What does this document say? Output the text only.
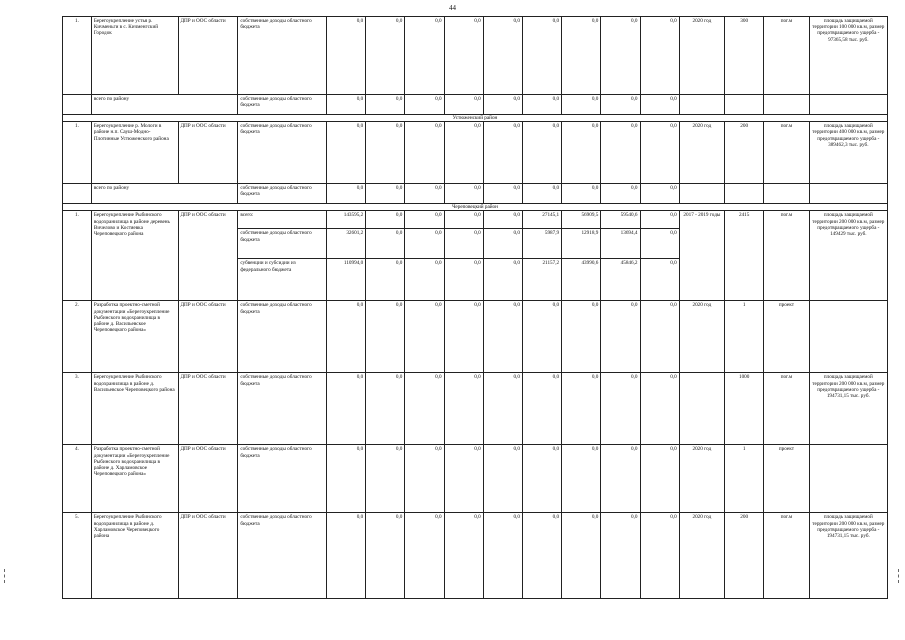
44
1.	Берегоукрепление устья р. Кичменьги в с. Кичменгский Городок	ДПР и ООС области	собственные доходы областного бюджета	0,0	0,0	0,0	0,0	0,0	0,0	0,0	0,0	0,0	2020 год	300	пог.м	площадь защищаемой территории 100 000 кв.м, размер предотвращаемого ущерба - 97365,58 тыс. руб.
	всего по району		собственные доходы областного бюджета	0,0	0,0	0,0	0,0	0,0	0,0	0,0	0,0	0,0				
Устюженский район																
1.	Берегоукрепление р. Мологи в районе н.п. Сауш-Модно-Плотинные Устюженского района	ДПР и ООС области	собственные доходы областного бюджета	0,0	0,0	0,0	0,0	0,0	0,0	0,0	0,0	0,0	2020 год	200	пог.м	площадь защищаемой территории 400 000 кв.м, размер предотвращаемого ущерба - 389462,3 тыс. руб.
	всего по району		собственные доходы областного бюджета	0,0	0,0	0,0	0,0	0,0	0,0	0,0	0,0	0,0				
Череповецкий район																
1.	Берегоукрепление Рыбинского водохранилища в районе деревень Вичелово и Костяевка Череповецкого района	ДПР и ООС области	всего:	143595,2	0,0	0,0	0,0	0,0	27145,1	56909,5	59540,6	0,0	2017 - 2019 годы	2415	пог.м	площадь защищаемой территории 200 000 кв.м, размер предотвращаемого ущерба - 149429 тыс. руб.
			собственные доходы областного бюджета	32601,2	0,0	0,0	0,0	0,0	5987,9	12918,9	13694,4	0,0				
			субвенции и субсидии из федерального бюджета	110994,0	0,0	0,0	0,0	0,0	21157,2	43990,6	45846,2	0,0				
2.	Разработка проектно-сметной документации «Берегоукрепление Рыбинского водохранилища в районе д. Васильевское Череповецкого района»	ДПР и ООС области	собственные доходы областного бюджета	0,0	0,0	0,0	0,0	0,0	0,0	0,0	0,0	0,0	2020 год	1	проект	
3.	Берегоукрепление Рыбинского водохранилища в районе д. Васильевское Череповецкого района	ДПР и ООС области	собственные доходы областного бюджета	0,0	0,0	0,0	0,0	0,0	0,0	0,0	0,0	0,0		1000	пог.м	площадь защищаемой территории 200 000 кв.м, размер предотвращаемого ущерба - 194731,15 тыс. руб.
4.	Разработка проектно-сметной документации «Берегоукрепление Рыбинского водохранилища в районе д. Харламовское Череповецкого района»	ДПР и ООС области	собственные доходы областного бюджета	0,0	0,0	0,0	0,0	0,0	0,0	0,0	0,0	0,0	2020 год	1	проект	
5.	Берегоукрепление Рыбинского водохранилища в районе д. Харламовское Череповецкого района	ДПР и ООС области	собственные доходы областного бюджета	0,0	0,0	0,0	0,0	0,0	0,0	0,0	0,0	0,0	2020 год	200	пог.м	площадь защищаемой территории 200 000 кв.м, размер предотвращаемого ущерба - 194731,15 тыс. руб.
